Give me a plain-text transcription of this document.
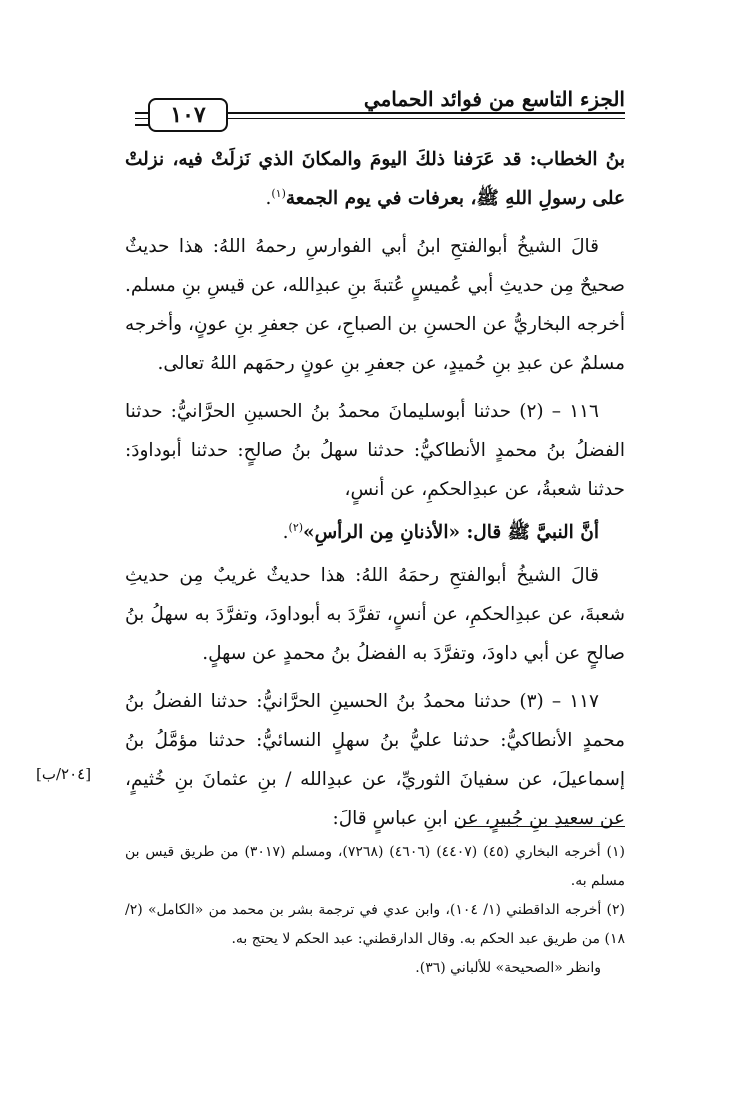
الجزء التاسع من فوائد الحمامي
١٠٧

بنُ الخطاب: قد عَرَفنا ذلكَ اليومَ والمكانَ الذي نَزلَتْ فيه، نزلتْ على رسولِ اللهِ ﷺ، بعرفات في يوم الجمعة$^{(١)}$.

قالَ الشيخُ أبوالفتحِ ابنُ أبي الفوارسِ رحمهُ اللهُ: هذا حديثٌ صحيحٌ مِن حديثِ أبي عُميسٍ عُتبةَ بنِ عبدِالله، عن قيسِ بنِ مسلم. أخرجه البخاريُّ عن الحسنِ بن الصباحِ، عن جعفرِ بنِ عونٍ، وأخرجه مسلمٌ عن عبدِ بنِ حُميدٍ، عن جعفرِ بنِ عونٍ رحمَهم اللهُ تعالى.

١١٦ – (٢) حدثنا أبوسليمانَ محمدُ بنُ الحسينِ الحرَّانيُّ: حدثنا الفضلُ بنُ محمدٍ الأنطاكيُّ: حدثنا سهلُ بنُ صالحٍ: حدثنا أبوداودَ: حدثنا شعبةُ، عن عبدِالحكمِ، عن أنسٍ،

أنَّ النبيَّ ﷺ قال: «الأذنانِ مِن الرأسِ»$^{(٢)}$.

قالَ الشيخُ أبوالفتحِ رحمَهُ اللهُ: هذا حديثٌ غريبٌ مِن حديثِ شعبةَ، عن عبدِالحكمِ، عن أنسٍ، تفرَّدَ به أبوداودَ، وتفرَّدَ به سهلُ بنُ صالحٍ عن أبي داودَ، وتفرَّدَ به الفضلُ بنُ محمدٍ عن سهلٍ.

١١٧ – (٣) حدثنا محمدُ بنُ الحسينِ الحرَّانيُّ: حدثنا الفضلُ بنُ محمدٍ الأنطاكيُّ: حدثنا عليُّ بنُ سهلٍ النسائيُّ: حدثنا مؤمَّلُ بنُ إسماعيلَ، عن سفيانَ الثوريِّ، عن عبدِالله / بنِ عثمانَ بنِ خُثيمٍ، عن سعيدِ بنِ جُبيرٍ، عن ابنِ عباسٍ قالَ:

[٢٠٤/ب]

(١) أخرجه البخاري (٤٥) (٤٤٠٧) (٤٦٠٦) (٧٢٦٨)، ومسلم (٣٠١٧) من طريق قيس بن مسلم به.

(٢) أخرجه الداقطني (١/ ١٠٤)، وابن عدي في ترجمة بشر بن محمد من «الكامل» (٢/ ١٨) من طريق عبد الحكم به. وقال الدارقطني: عبد الحكم لا يحتج به.

وانظر «الصحيحة» للألباني (٣٦).
